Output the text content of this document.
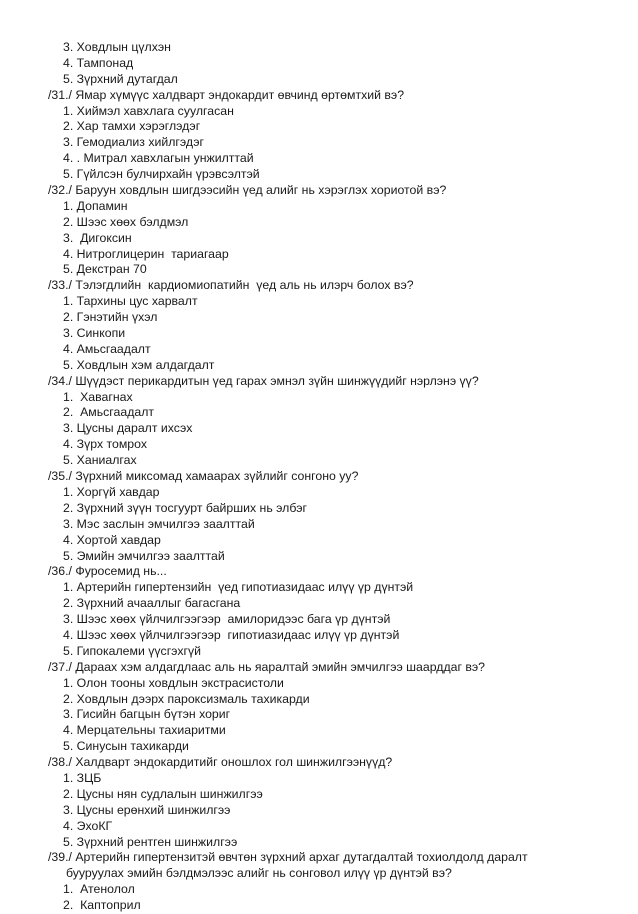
3. Ховдлын цүлхэн
4. Тампонад
5. Зүрхний дутагдал
/31./ Ямар хүмүүс халдварт эндокардит өвчинд өртөмтхий вэ?
1. Хиймэл хавхлага суулгасан
2. Хар тамхи хэрэглэдэг
3. Гемодиализ хийлгэдэг
4. . Митрал хавхлагын унжилттай
5. Гүйлсэн булчирхайн үрэвсэлтэй
/32./ Баруун ховдлын шигдээсийн үед алийг нь хэрэглэх хориотой вэ?
1. Допамин
2. Шээс хөөх бэлдмэл
3.  Дигоксин
4. Нитроглицерин  тариагаар
5. Декстран 70
/33./ Тэлэгдлийн  кардиомиопатийн  үед аль нь илэрч болох вэ?
1. Тархины цус харвалт
2. Гэнэтийн үхэл
3. Синкопи
4. Амьсгаадалт
5. Ховдлын хэм алдагдалт
/34./ Шүүдэст перикардитын үед гарах эмнэл зүйн шинжүүдийг нэрлэнэ үү?
1.  Хавагнах
2.  Амьсгаадалт
3. Цусны даралт ихсэх
4. Зүрх томрох
5. Ханиалгах
/35./ Зүрхний миксомад хамаарах зүйлийг сонгоно уу?
1. Хоргүй хавдар
2. Зүрхний зүүн тосгуурт байрших нь элбэг
3. Мэс заслын эмчилгээ заалттай
4. Хортой хавдар
5. Эмийн эмчилгээ заалттай
/36./ Фуросемид нь...
1. Артерийн гипертензийн  үед гипотиазидаас илүү үр дүнтэй
2. Зүрхний ачааллыг багасгана
3. Шээс хөөх үйлчилгээгээр  амилоридээс бага үр дүнтэй
4. Шээс хөөх үйлчилгээгээр  гипотиазидаас илүү үр дүнтэй
5. Гипокалеми үүсгэхгүй
/37./ Дараах хэм алдагдлаас аль нь яаралтай эмийн эмчилгээ шаарддаг вэ?
1. Олон тооны ховдлын экстрасистоли
2. Ховдлын дээрх пароксизмаль тахикарди
3. Гисийн багцын бүтэн хориг
4. Мерцательны тахиаритми
5. Синусын тахикарди
/38./ Халдварт эндокардитийг оношлох гол шинжилгээнүүд?
1. ЗЦБ
2. Цусны нян судлалын шинжилгээ
3. Цусны ерөнхий шинжилгээ
4. ЭхоКГ
5. Зүрхний рентген шинжилгээ
/39./ Артерийн гипертензитэй өвчтөн зүрхний архаг дутагдалтай тохиолдолд даралт
бууруулах эмийн бэлдмэлээс алийг нь сонговол илүү үр дүнтэй вэ?
1.  Атенолол
2.  Каптоприл
